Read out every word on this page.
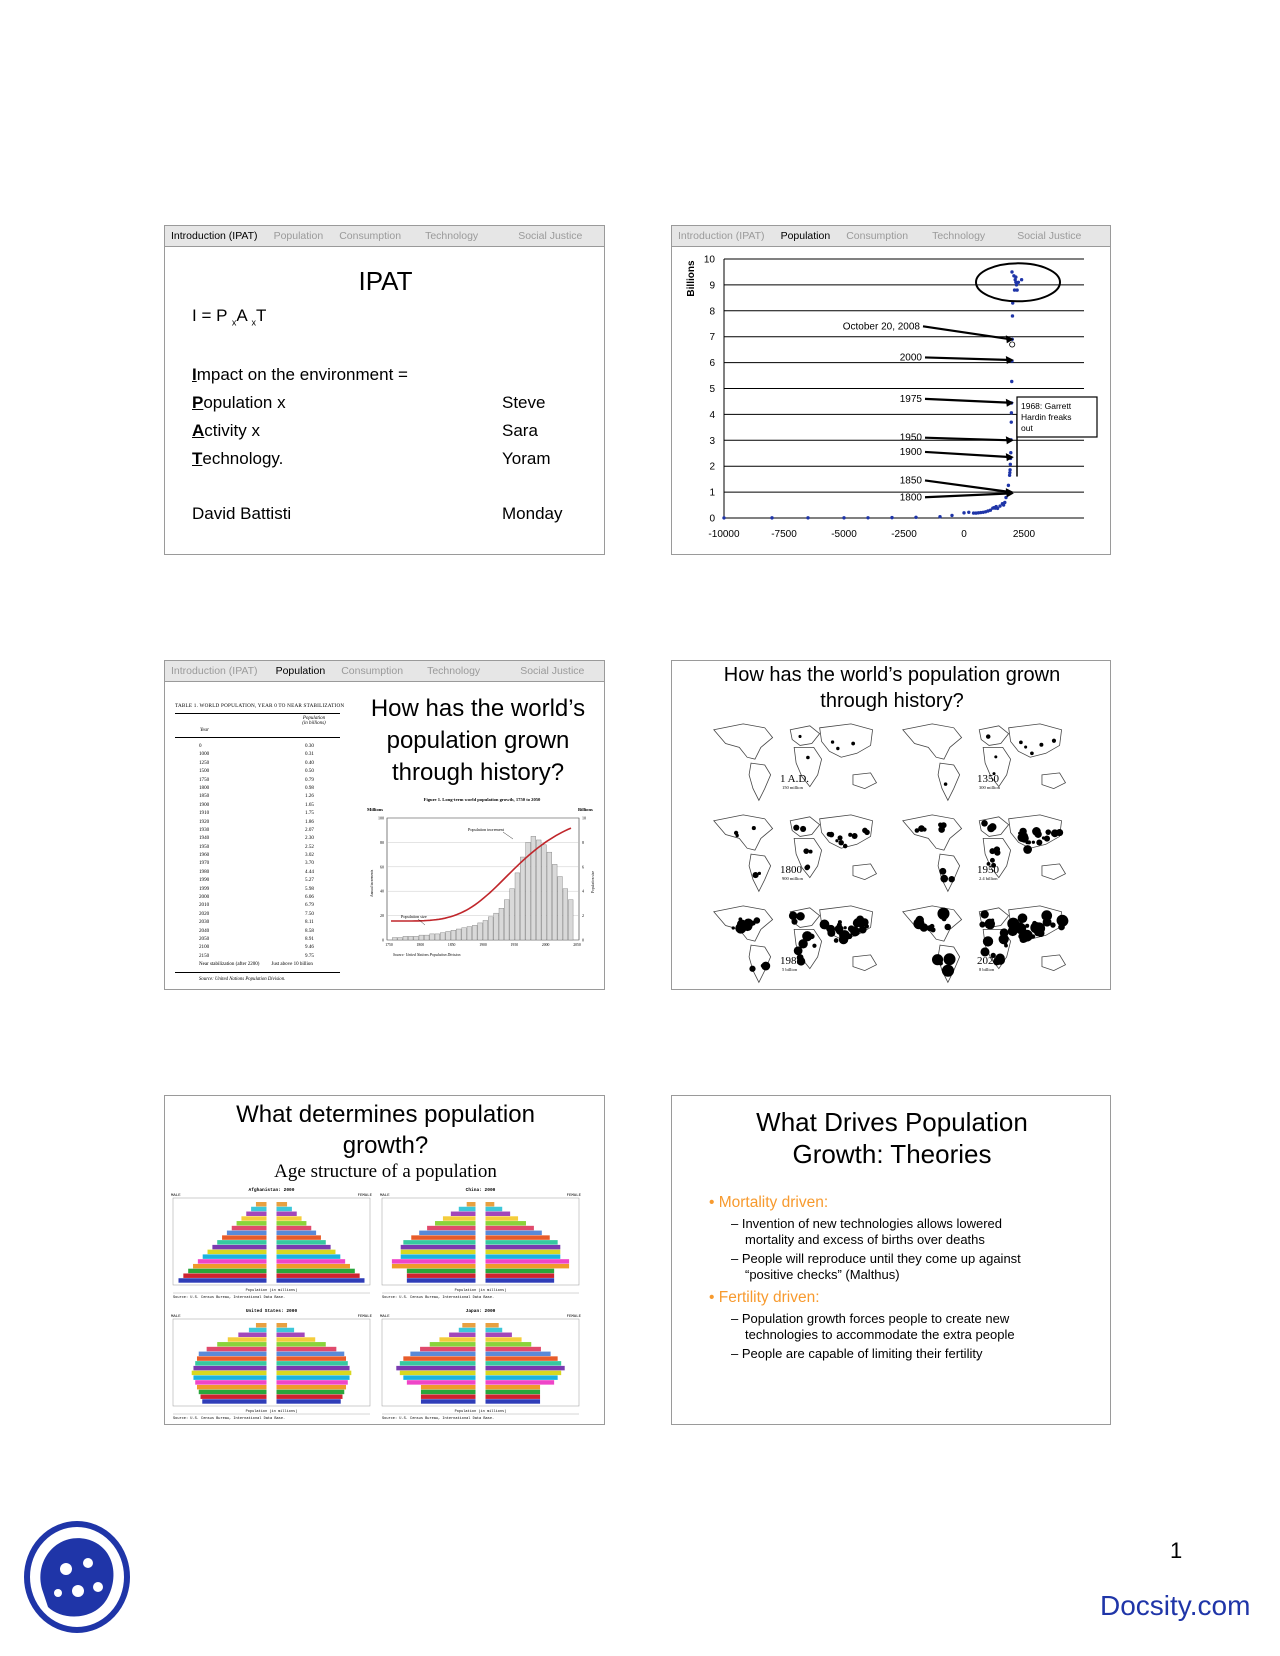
Introduction (IPAT) Population Consumption Technology	Social Justice
IPAT
I = P $_x$A $_x$T
Impact on the environment =
Population x	Steve
Activity x	Sara
Technology.	Yoram
David Battisti	Monday
Introduction (IPAT) Population Consumption Technology	Social Justice
0
1
2
3
4
5
6
7
8
9
10
-10000	-7500	-5000	-2500	0	2500
Billions
October 20, 2008
2000
1975
1950
1900
1850
1800
1968: Garrett
Hardin freaks
out
Introduction (IPAT) Population Consumption Technology	Social Justice
How has the world’s
population grown
through history?
TABLE 1. WORLD POPULATION, YEAR 0 TO NEAR STABILIZATION
Population
(in billions)
Year
0	0.30
1000	0.31
1250	0.40
1500	0.50
1750	0.79
1800	0.98
1850	1.26
1900	1.65
1910	1.75
1920	1.86
1930	2.07
1940	2.30
1950	2.52
1960	3.02
1970	3.70
1980	4.44
1990	5.27
1999	5.98
2000	6.06
2010	6.79
2020	7.50
2030	8.11
2040	8.58
2050	8.91
2100	9.46
2150	9.75
Near stabilization (after 2200) Just above 10 billion
Source: United Nations Population Division.
Figure 1. Long-term world population growth, 1750 to 2050
Millions	Billions
0	0
20	2
40	4
60	6
80	8
100	10
Population increment
Population size
1750	1800	1850	1900	1950	2000	2050
Annual increments	Population size
Source: United Nations Population Division.
How has the world’s population grown
through history?
1 A.D.
150 million
1350
300 million
1800
900 million
1950
2.4 billion
1985
5 billion
2020
8 billion
What determines population
growth?
Age structure of a population
Afghanistan: 2000
MALE	FEMALE
Population (in millions)
Source: U.S. Census Bureau, International Data Base.
China: 2000
MALE	FEMALE
Population (in millions)
Source: U.S. Census Bureau, International Data Base.
United States: 2000
MALE	FEMALE
Population (in millions)
Source: U.S. Census Bureau, International Data Base.
Japan: 2000
MALE	FEMALE
Population (in millions)
Source: U.S. Census Bureau, International Data Base.
What Drives Population
Growth: Theories
• Mortality driven:
– Invention of new technologies allows lowered
mortality and excess of births over deaths
– People will reproduce until they come up against
“positive checks” (Malthus)
• Fertility driven:
– Population growth forces people to create new
technologies to accommodate the extra people
– People are capable of limiting their fertility
1
Docsity.com
